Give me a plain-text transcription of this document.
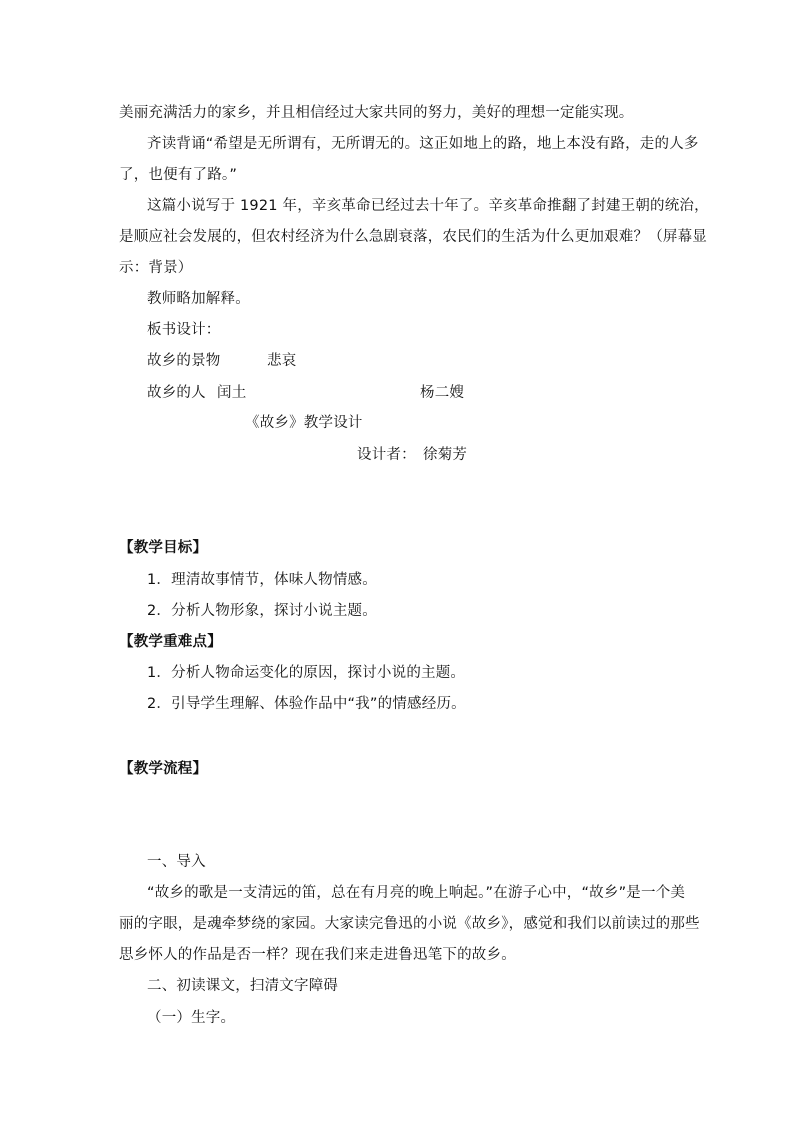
美丽充满活力的家乡，并且相信经过大家共同的努力，美好的理想一定能实现。
齐读背诵“希望是无所谓有，无所谓无的。这正如地上的路，地上本没有路，走的人多
了，也便有了路。”
这篇小说写于 1921 年，辛亥革命已经过去十年了。辛亥革命推翻了封建王朝的统治，
是顺应社会发展的，但农村经济为什么急剧衰落，农民们的生活为什么更加艰难？（屏幕显
示：背景）
教师略加解释。
板书设计：
故乡的景物	悲哀
故乡的人 闰土	杨二嫂
《故乡》教学设计
设计者： 徐菊芳
【教学目标】
1．理清故事情节，体味人物情感。
2．分析人物形象，探讨小说主题。
【教学重难点】
1．分析人物命运变化的原因，探讨小说的主题。
2．引导学生理解、体验作品中“我”的情感经历。
【教学流程】
一、导入
“故乡的歌是一支清远的笛，总在有月亮的晚上响起。”在游子心中，“故乡”是一个美
丽的字眼，是魂牵梦绕的家园。大家读完鲁迅的小说《故乡》，感觉和我们以前读过的那些
思乡怀人的作品是否一样？现在我们来走进鲁迅笔下的故乡。
二、初读课文，扫清文字障碍
（一）生字。
